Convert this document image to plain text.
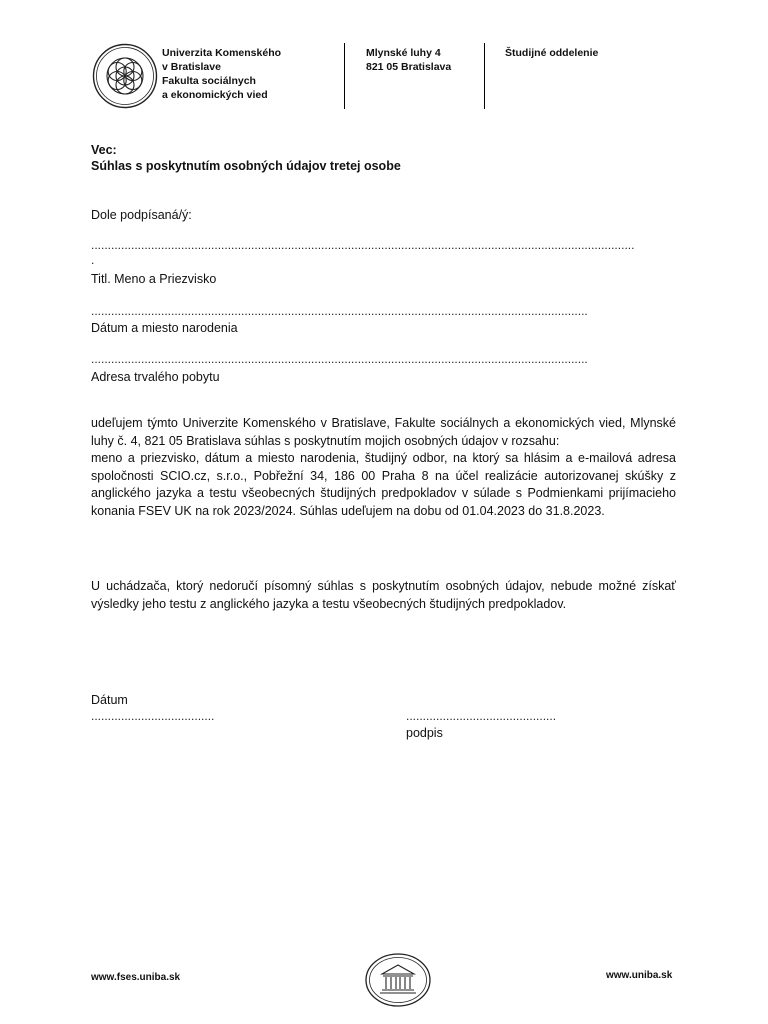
Univerzita Komenského
v Bratislave
Fakulta sociálnych
a ekonomických vied
Mlynské luhy 4
821 05 Bratislava
Študijné oddelenie
Vec:
Súhlas s poskytnutím osobných údajov tretej osobe
Dole podpísaná/ý:
...................................................................................................................................................................
.
Titl. Meno a Priezvisko
.....................................................................................................................................................
Dátum a miesto narodenia
.....................................................................................................................................................
Adresa trvalého pobytu

udeľujem týmto Univerzite Komenského v Bratislave, Fakulte sociálnych a ekonomických vied, Mlynské luhy č. 4, 821 05 Bratislava súhlas s poskytnutím mojich osobných údajov v rozsahu:

meno a priezvisko, dátum a miesto narodenia, študijný odbor, na ktorý sa hlásim a e-mailová adresa spoločnosti SCIO.cz, s.r.o., Pobřežní 34, 186 00 Praha 8 na účel realizácie autorizovanej skúšky z anglického jazyka a testu všeobecných študijných predpokladov v súlade s Podmienkami prijímacieho konania FSEV UK na rok 2023/2024. Súhlas udeľujem na dobu od 01.04.2023 do 31.8.2023.

U uchádzača, ktorý nedoručí písomný súhlas s poskytnutím osobných údajov, nebude možné získať výsledky jeho testu z anglického jazyka a testu všeobecných študijných predpokladov.
Dátum
.....................................	.............................................
podpis
www.fses.uniba.sk	www.uniba.sk
